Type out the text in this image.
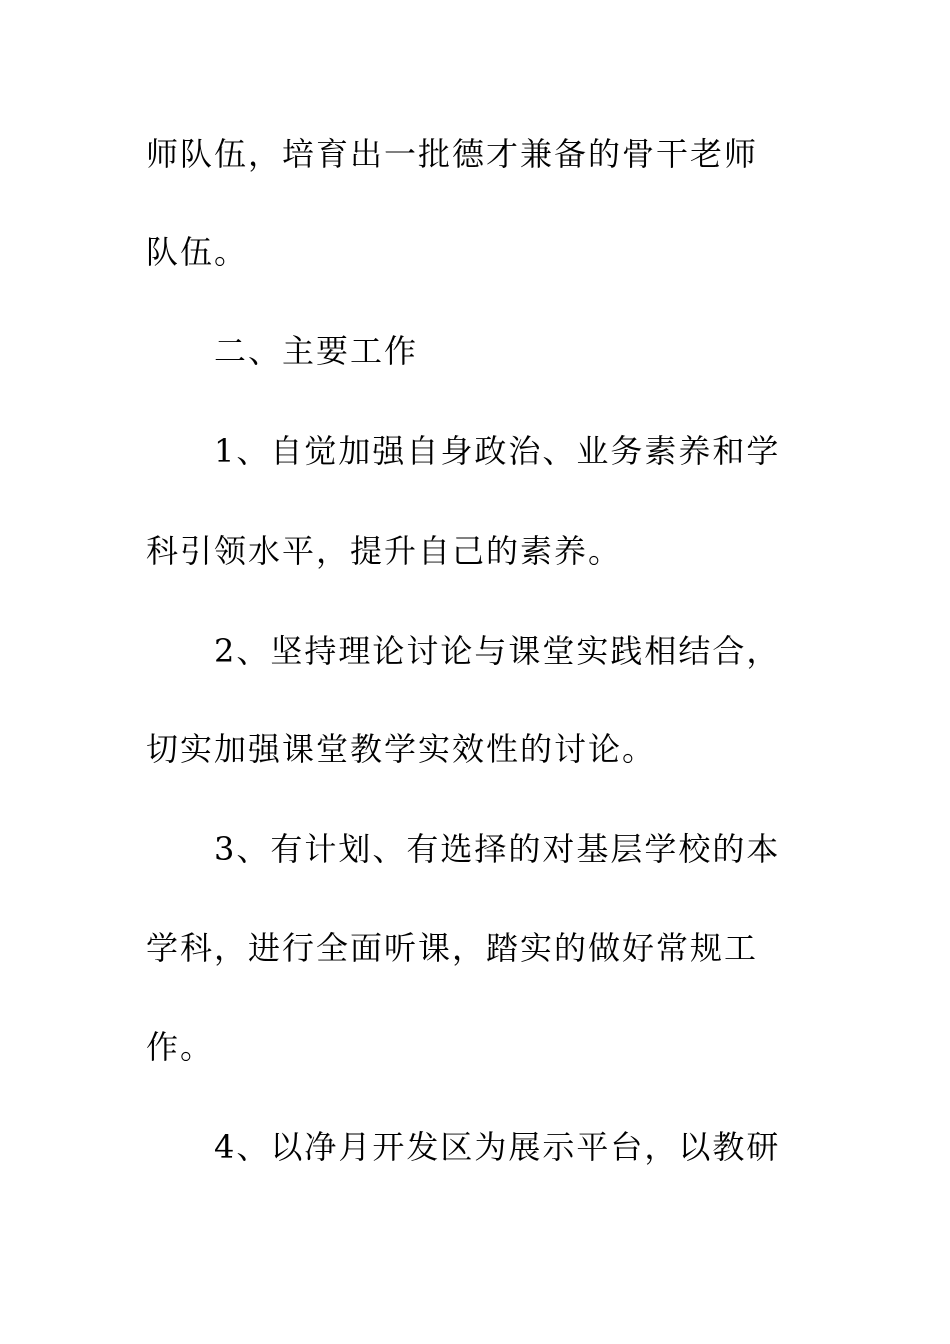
师队伍，培育出一批德才兼备的骨干老师
队伍。
二、主要工作
1、自觉加强自身政治、业务素养和学
科引领水平，提升自己的素养。
2、坚持理论讨论与课堂实践相结合，
切实加强课堂教学实效性的讨论。
3、有计划、有选择的对基层学校的本
学科，进行全面听课，踏实的做好常规工
作。
4、以净月开发区为展示平台，以教研
